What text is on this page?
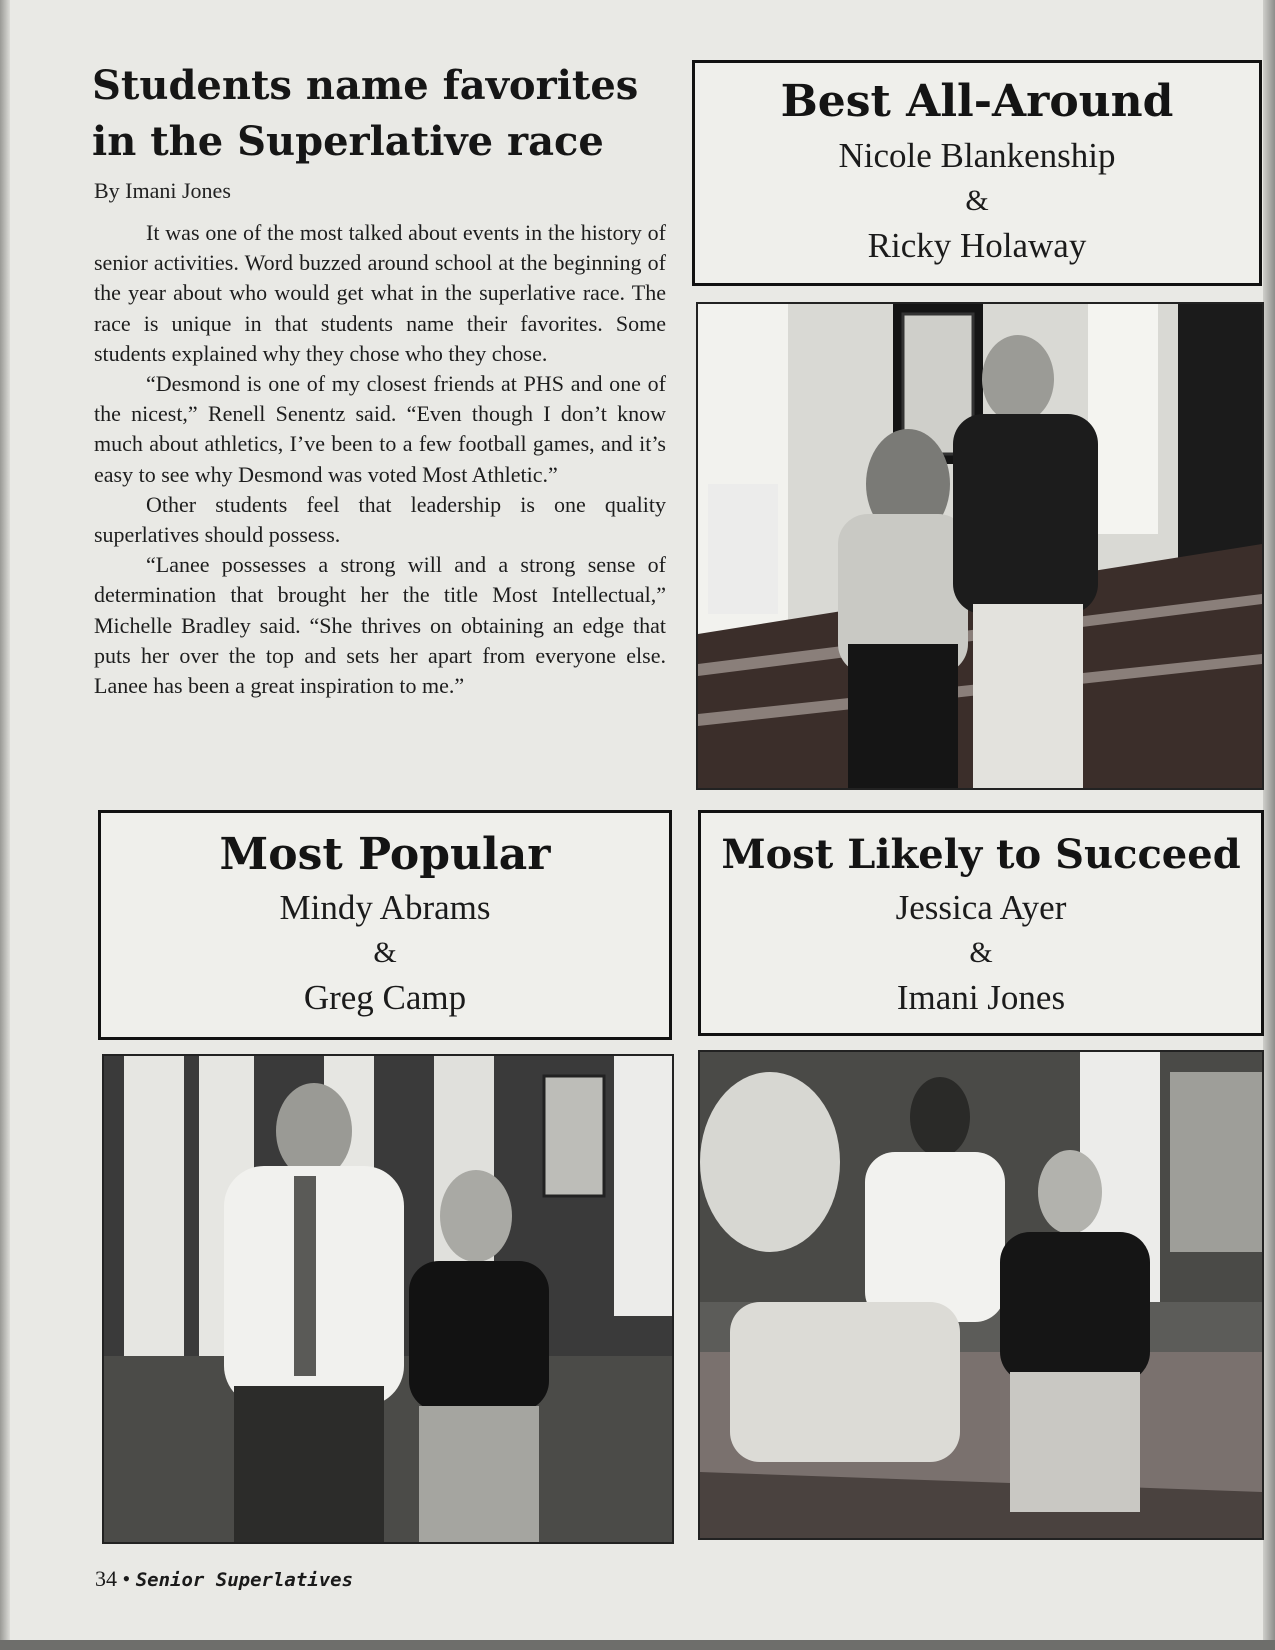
Students name favorites in the Superlative race
By Imani Jones

It was one of the most talked about events in the history of senior activities. Word buzzed around school at the beginning of the year about who would get what in the superlative race. The race is unique in that students name their favorites. Some students explained why they chose who they chose.

“Desmond is one of my closest friends at PHS and one of the nicest,” Renell Senentz said. “Even though I don’t know much about athletics, I’ve been to a few football games, and it’s easy to see why Desmond was voted Most Athletic.”

Other students feel that leadership is one quality superlatives should possess.

“Lanee possesses a strong will and a strong sense of determination that brought her the title Most Intellectual,” Michelle Bradley said. “She thrives on obtaining an edge that puts her over the top and sets her apart from everyone else. Lanee has been a great inspiration to me.”

Best All-Around
Nicole Blankenship
&
Ricky Holaway
Most Popular
Mindy Abrams
&
Greg Camp
Most Likely to Succeed
Jessica Ayer
&
Imani Jones
34 • Senior Superlatives
